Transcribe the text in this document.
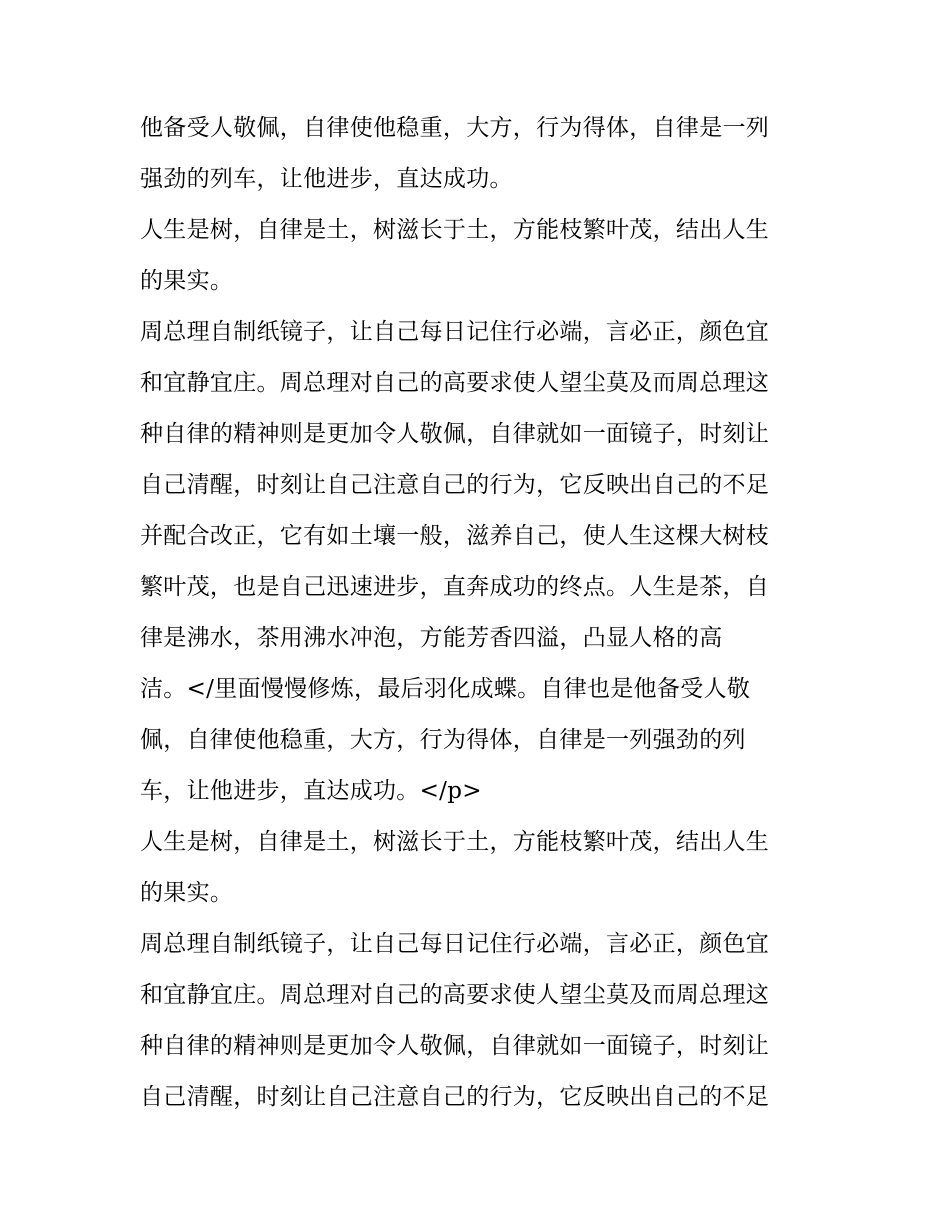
他备受人敬佩，自律使他稳重，大方，行为得体，自律是一列
强劲的列车，让他进步，直达成功。
人生是树，自律是土，树滋长于土，方能枝繁叶茂，结出人生
的果实。
周总理自制纸镜子，让自己每日记住行必端，言必正，颜色宜
和宜静宜庄。周总理对自己的高要求使人望尘莫及而周总理这
种自律的精神则是更加令人敬佩，自律就如一面镜子，时刻让
自己清醒，时刻让自己注意自己的行为，它反映出自己的不足
并配合改正，它有如土壤一般，滋养自己，使人生这棵大树枝
繁叶茂，也是自己迅速进步，直奔成功的终点。人生是茶，自
律是沸水，茶用沸水冲泡，方能芳香四溢，凸显人格的高
洁。</里面慢慢修炼，最后羽化成蝶。自律也是他备受人敬
佩，自律使他稳重，大方，行为得体，自律是一列强劲的列
车，让他进步，直达成功。</p>
人生是树，自律是土，树滋长于土，方能枝繁叶茂，结出人生
的果实。
周总理自制纸镜子，让自己每日记住行必端，言必正，颜色宜
和宜静宜庄。周总理对自己的高要求使人望尘莫及而周总理这
种自律的精神则是更加令人敬佩，自律就如一面镜子，时刻让
自己清醒，时刻让自己注意自己的行为，它反映出自己的不足
